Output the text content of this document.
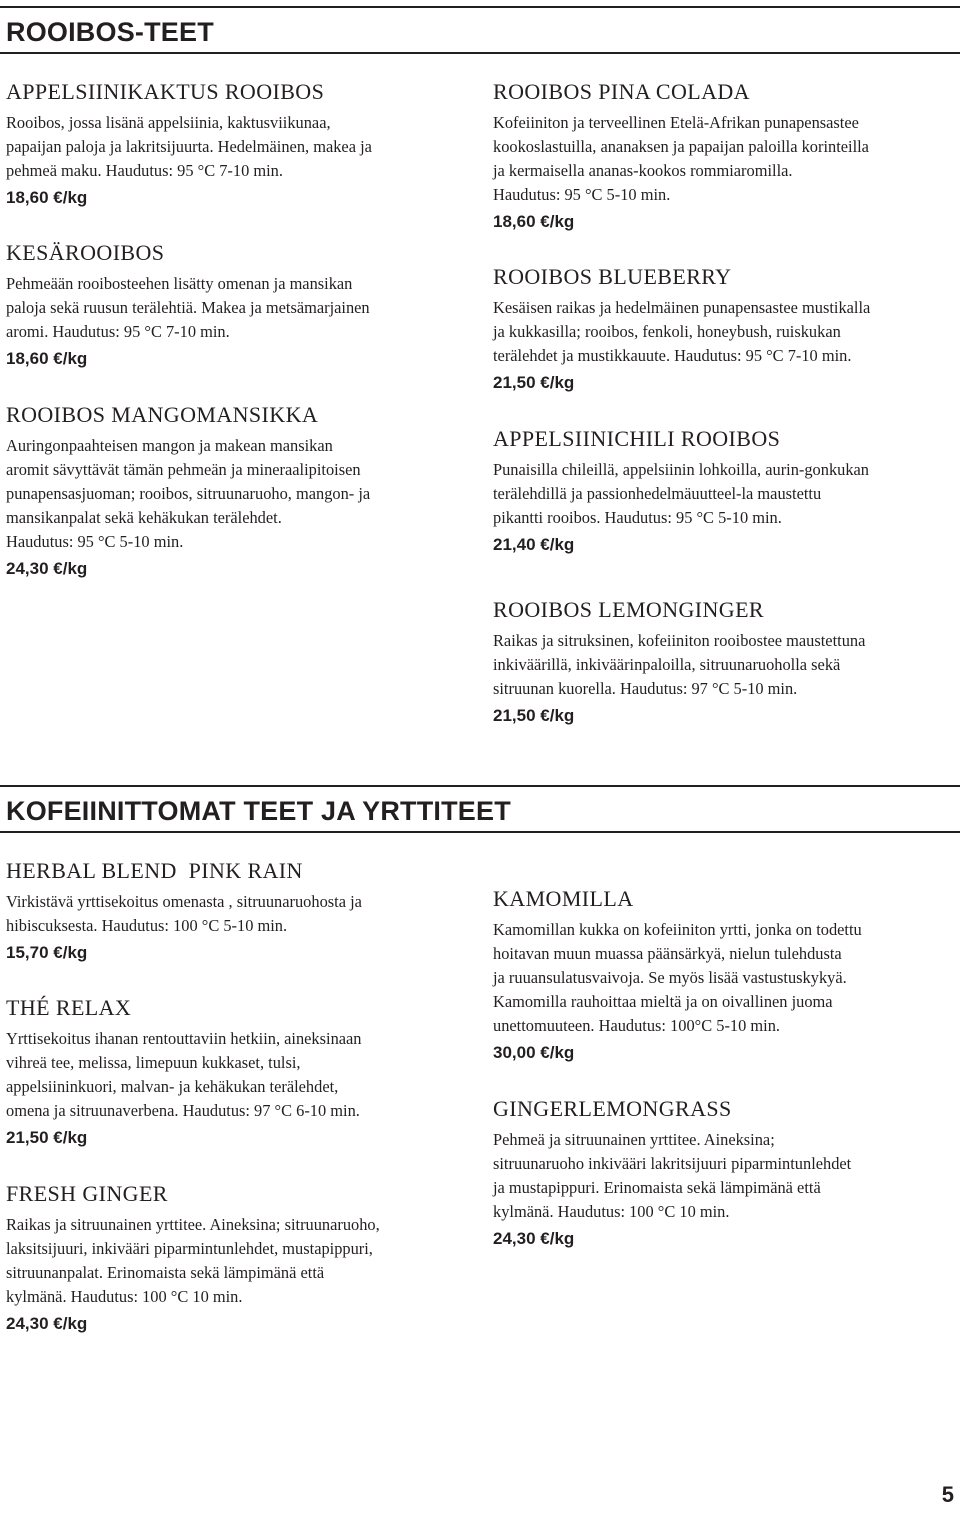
ROOIBOS-TEET
APPELSIINIKAKTUS ROOIBOS
Rooibos, jossa lisänä appelsiinia, kaktusviikunaa,
papaijan paloja ja lakritsijuurta. Hedelmäinen, makea ja
pehmeä maku. Haudutus: 95 °C 7-10 min.
18,60 €/kg
KESÄROOIBOS
Pehmeään rooibosteehen lisätty omenan ja mansikan
paloja sekä ruusun terälehtiä. Makea ja metsämarjainen
aromi. Haudutus: 95 °C 7-10 min.
18,60 €/kg
ROOIBOS MANGOMANSIKKA
Auringonpaahteisen mangon ja makean mansikan
aromit sävyttävät tämän pehmeän ja mineraalipitoisen
punapensasjuoman; rooibos, sitruunaruoho, mangon- ja
mansikanpalat sekä kehäkukan terälehdet.
Haudutus: 95 °C 5-10 min.
24,30 €/kg
ROOIBOS PINA COLADA
Kofeiiniton ja terveellinen Etelä-Afrikan punapensastee
kookoslastuilla, ananaksen ja papaijan paloilla korinteilla
ja kermaisella ananas-kookos rommiaromilla.
Haudutus: 95 °C 5-10 min.
18,60 €/kg
ROOIBOS BLUEBERRY
Kesäisen raikas ja hedelmäinen punapensastee mustikalla
ja kukkasilla; rooibos, fenkoli, honeybush, ruiskukan
terälehdet ja mustikkauute. Haudutus: 95 °C 7-10 min.
21,50 €/kg
APPELSIINICHILI ROOIBOS
Punaisilla chileillä, appelsiinin lohkoilla, aurin-gonkukan
terälehdillä ja passionhedelmäuutteel-la maustettu
pikantti rooibos. Haudutus: 95 °C 5-10 min.
21,40 €/kg
ROOIBOS LEMONGINGER
Raikas ja sitruksinen, kofeiiniton rooibostee maustettuna
inkiväärillä, inkiväärinpaloilla, sitruunaruoholla sekä
sitruunan kuorella. Haudutus: 97 °C 5-10 min.
21,50 €/kg
KOFEIINITTOMAT TEET JA YRTTITEET
HERBAL BLEND  PINK RAIN
Virkistävä yrttisekoitus omenasta , sitruunaruohosta ja
hibiscuksesta. Haudutus: 100 °C 5-10 min.
15,70 €/kg
THÉ RELAX
Yrttisekoitus ihanan rentouttaviin hetkiin, aineksinaan
vihreä tee, melissa, limepuun kukkaset, tulsi,
appelsiininkuori, malvan- ja kehäkukan terälehdet,
omena ja sitruunaverbena. Haudutus: 97 °C 6-10 min.
21,50 €/kg
FRESH GINGER
Raikas ja sitruunainen yrttitee. Aineksina; sitruunaruoho,
laksitsijuuri, inkivääri piparmintunlehdet, mustapippuri,
sitruunanpalat. Erinomaista sekä lämpimänä että
kylmänä. Haudutus: 100 °C 10 min.
24,30 €/kg
KAMOMILLA
Kamomillan kukka on kofeiiniton yrtti, jonka on todettu
hoitavan muun muassa päänsärkyä, nielun tulehdusta
ja ruuansulatusvaivoja. Se myös lisää vastustuskykyä.
Kamomilla rauhoittaa mieltä ja on oivallinen juoma
unettomuuteen. Haudutus: 100°C 5-10 min.
30,00 €/kg
GINGERLEMONGRASS
Pehmeä ja sitruunainen yrttitee. Aineksina;
sitruunaruoho inkivääri lakritsijuuri piparmintunlehdet
ja mustapippuri. Erinomaista sekä lämpimänä että
kylmänä. Haudutus: 100 °C 10 min.
24,30 €/kg
5
